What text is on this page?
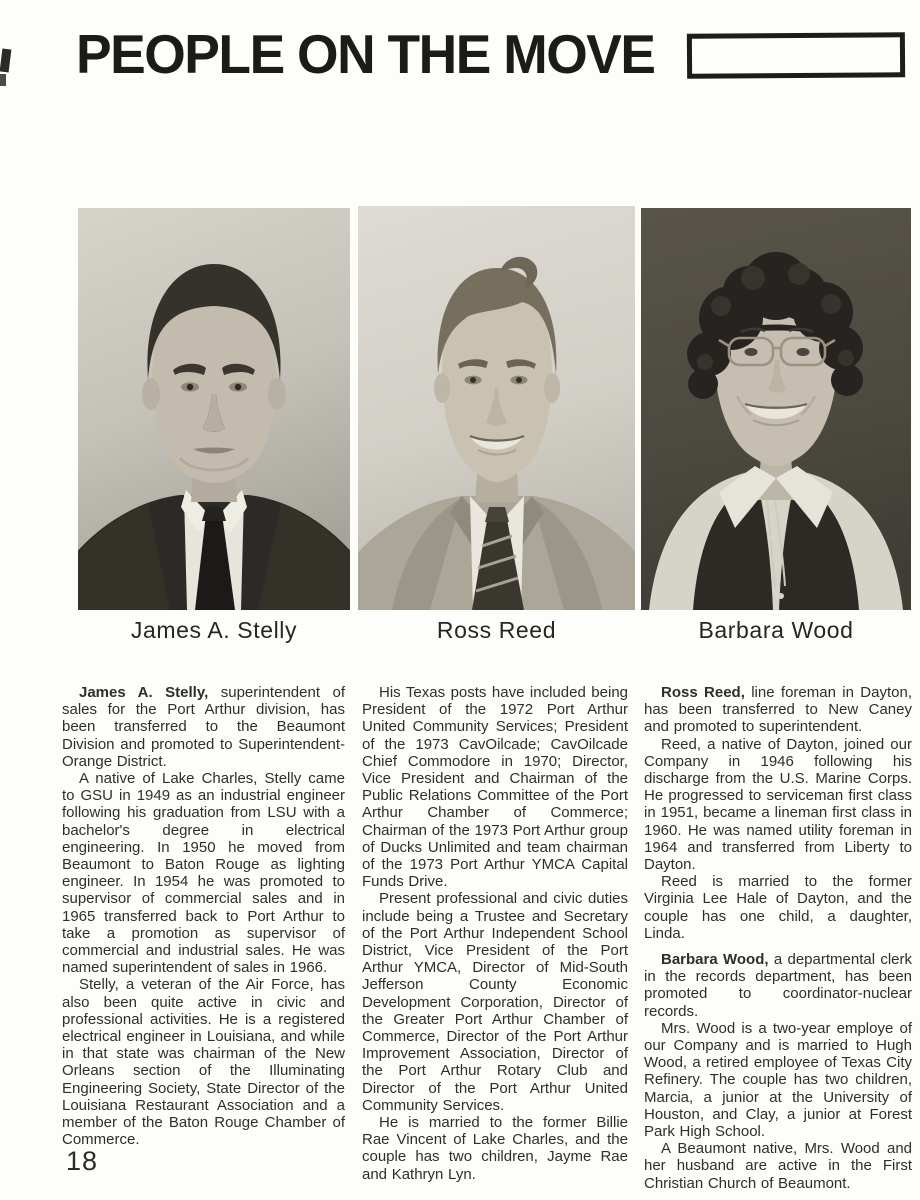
PEOPLE ON THE MOVE
James A. Stelly	Ross Reed	Barbara Wood

James A. Stelly, superintendent of sales for the Port Arthur division, has been transferred to the Beaumont Division and promoted to Superintendent-Orange District.

A native of Lake Charles, Stelly came to GSU in 1949 as an industrial engineer following his graduation from LSU with a bachelor's degree in electrical engineering. In 1950 he moved from Beaumont to Baton Rouge as lighting engineer. In 1954 he was promoted to supervisor of commercial sales and in 1965 transferred back to Port Arthur to take a promotion as supervisor of commercial and industrial sales. He was named superintendent of sales in 1966.

Stelly, a veteran of the Air Force, has also been quite active in civic and professional activities. He is a registered electrical engineer in Louisiana, and while in that state was chairman of the New Orleans section of the Illuminating Engineering Society, State Director of the Louisiana Restaurant Association and a member of the Baton Rouge Chamber of Commerce.

His Texas posts have included being President of the 1972 Port Arthur United Community Services; President of the 1973 CavOilcade; CavOilcade Chief Commodore in 1970; Director, Vice President and Chairman of the Public Relations Committee of the Port Arthur Chamber of Commerce; Chairman of the 1973 Port Arthur group of Ducks Unlimited and team chairman of the 1973 Port Arthur YMCA Capital Funds Drive.

Present professional and civic duties include being a Trustee and Secretary of the Port Arthur Independent School District, Vice President of the Port Arthur YMCA, Director of Mid-South Jefferson County Economic Development Corporation, Director of the Greater Port Arthur Chamber of Commerce, Director of the Port Arthur Improvement Association, Director of the Port Arthur Rotary Club and Director of the Port Arthur United Community Services.

He is married to the former Billie Rae Vincent of Lake Charles, and the couple has two children, Jayme Rae and Kathryn Lyn.

Ross Reed, line foreman in Dayton, has been transferred to New Caney and promoted to superintendent.

Reed, a native of Dayton, joined our Company in 1946 following his discharge from the U.S. Marine Corps. He progressed to serviceman first class in 1951, became a lineman first class in 1960. He was named utility foreman in 1964 and transferred from Liberty to Dayton.

Reed is married to the former Virginia Lee Hale of Dayton, and the couple has one child, a daughter, Linda.

Barbara Wood, a departmental clerk in the records department, has been promoted to coordinator-nuclear records.

Mrs. Wood is a two-year employe of our Company and is married to Hugh Wood, a retired employee of Texas City Refinery. The couple has two children, Marcia, a junior at the University of Houston, and Clay, a junior at Forest Park High School.

A Beaumont native, Mrs. Wood and her husband are active in the First Christian Church of Beaumont.

18
